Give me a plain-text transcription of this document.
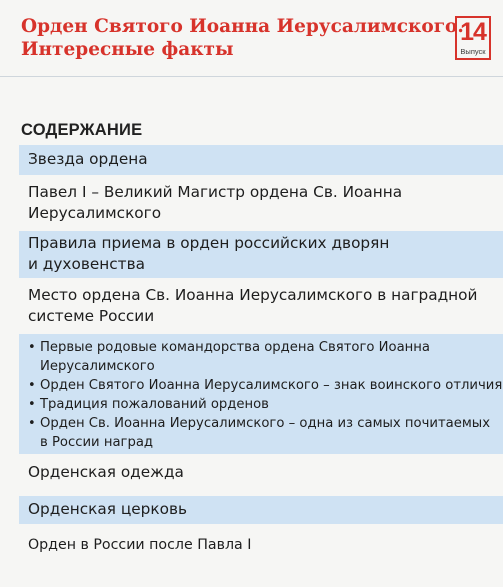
Орден Святого Иоанна Иерусалимского.
Интересные факты
14
Выпуск
СОДЕРЖАНИЕ
Звезда ордена
Павел I – Великий Магистр ордена Св. Иоанна
Иерусалимского
Правила приема в орден российских дворян
и духовенства
Место ордена Св. Иоанна Иерусалимского в наградной
системе России
• Первые родовые командорства ордена Святого Иоанна
Иерусалимского
• Орден Святого Иоанна Иерусалимского – знак воинского отличия
• Традиция пожалований орденов
• Орден Св. Иоанна Иерусалимского – одна из самых почитаемых
в России наград
Орденская одежда
Орденская церковь
Орден в России после Павла I
